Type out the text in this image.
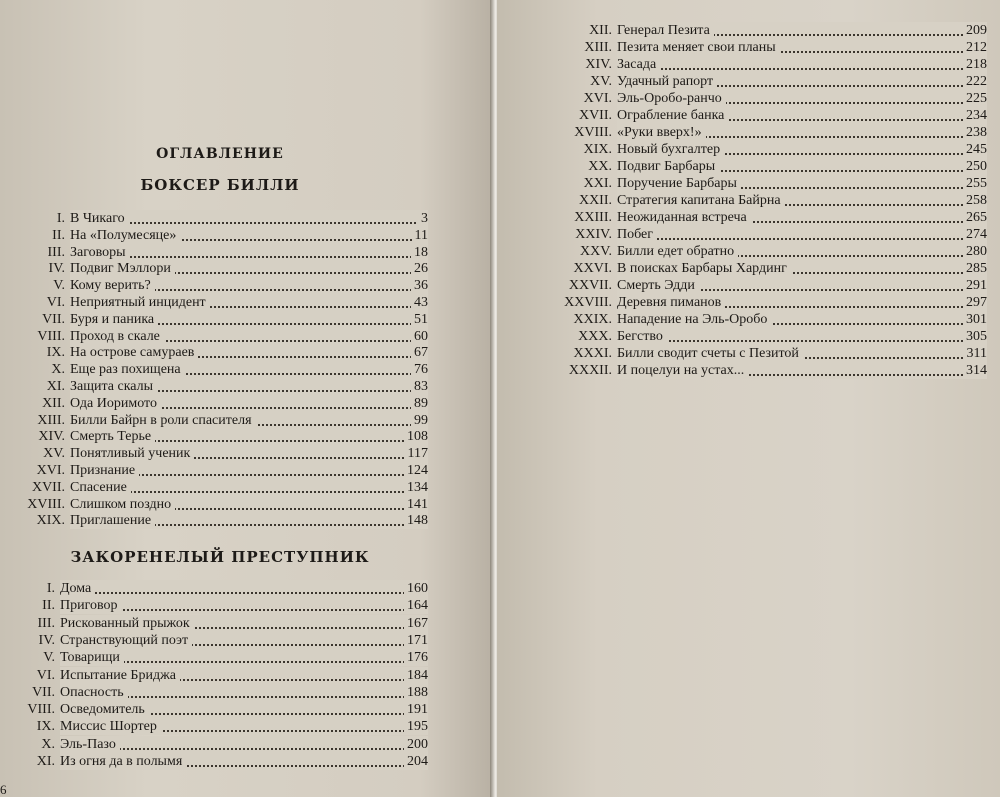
ОГЛАВЛЕНИЕ
БОКСЕР БИЛЛИ
I. В Чикаго	3
II. На «Полумесяце»	11
III. Заговоры	18
IV. Подвиг Мэллори	26
V. Кому верить?	36
VI. Неприятный инцидент	43
VII. Буря и паника	51
VIII. Проход в скале	60
IX. На острове самураев	67
X. Еще раз похищена	76
XI. Защита скалы	83
XII. Ода Иоримото	89
XIII. Билли Байрн в роли спасителя	99
XIV. Смерть Терье	108
XV. Понятливый ученик	117
XVI. Признание	124
XVII. Спасение	134
XVIII. Слишком поздно	141
XIX. Приглашение	148
ЗАКОРЕНЕЛЫЙ ПРЕСТУПНИК
I. Дома	160
II. Приговор	164
III. Рискованный прыжок	167
IV. Странствующий поэт	171
V. Товарищи	176
VI. Испытание Бриджа	184
VII. Опасность	188
VIII. Осведомитель	191
IX. Миссис Шортер	195
X. Эль-Пазо	200
XI. Из огня да в полымя	204
6
XII. Генерал Пезита	209
XIII. Пезита меняет свои планы	212
XIV. Засада	218
XV. Удачный рапорт	222
XVI. Эль-Оробо-ранчо	225
XVII. Ограбление банка	234
XVIII. «Руки вверх!»	238
XIX. Новый бухгалтер	245
XX. Подвиг Барбары	250
XXI. Поручение Барбары	255
XXII. Стратегия капитана Байрна	258
XXIII. Неожиданная встреча	265
XXIV. Побег	274
XXV. Билли едет обратно	280
XXVI. В поисках Барбары Хардинг	285
XXVII. Смерть Эдди	291
XXVIII. Деревня пиманов	297
XXIX. Нападение на Эль-Оробо	301
XXX. Бегство	305
XXXI. Билли сводит счеты с Пезитой	311
XXXII. И поцелуи на устах...	314
